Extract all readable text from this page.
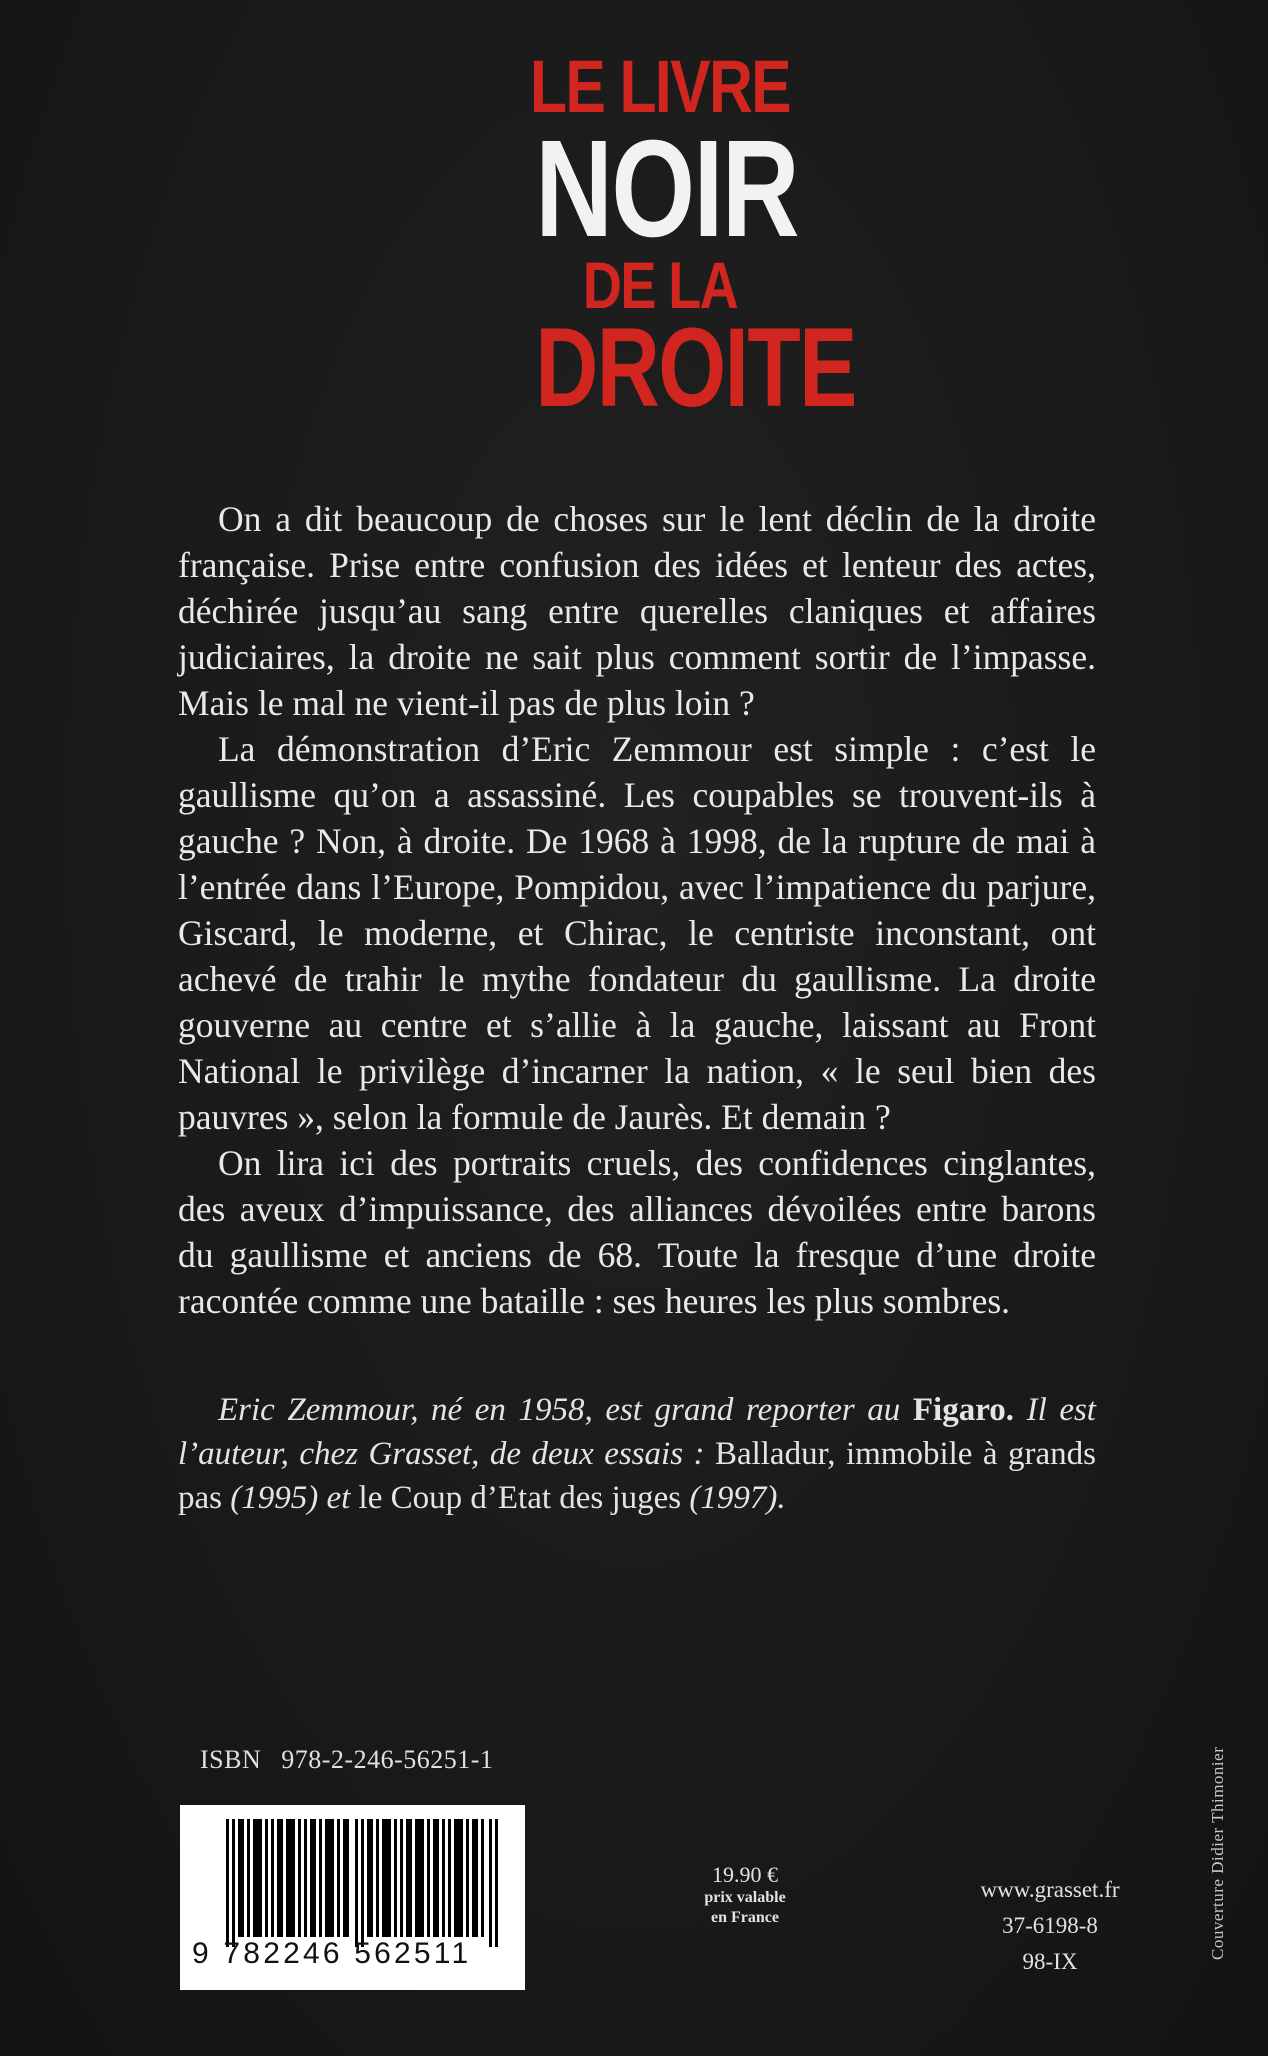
LE LIVRE
NOIR
DE LA
DROITE

On a dit beaucoup de choses sur le lent déclin de la droite française. Prise entre confusion des idées et lenteur des actes, déchirée jusqu’au sang entre querelles claniques et affaires judiciaires, la droite ne sait plus comment sortir de l’impasse. Mais le mal ne vient-il pas de plus loin ?

La démonstration d’Eric Zemmour est simple : c’est le gaullisme qu’on a assassiné. Les coupables se trouvent-ils à gauche ? Non, à droite. De 1968 à 1998, de la rupture de mai à l’entrée dans l’Europe, Pompidou, avec l’impatience du parjure, Giscard, le moderne, et Chirac, le centriste inconstant, ont achevé de trahir le mythe fondateur du gaullisme. La droite gouverne au centre et s’allie à la gauche, laissant au Front National le privilège d’incarner la nation, « le seul bien des pauvres », selon la formule de Jaurès. Et demain ?

On lira ici des portraits cruels, des confidences cinglantes, des aveux d’impuissance, des alliances dévoilées entre barons du gaullisme et anciens de 68. Toute la fresque d’une droite racontée comme une bataille : ses heures les plus sombres.

Eric Zemmour, né en 1958, est grand reporter au Figaro. Il est l’auteur, chez Grasset, de deux essais : Balladur, immobile à grands pas (1995) et le Coup d’Etat des juges (1997).
ISBN 978-2-246-56251-1
9 782246 562511
19.90 €
prix valable
en France
www.grasset.fr
37-6198-8
98-IX
Couverture Didier Thimonier
